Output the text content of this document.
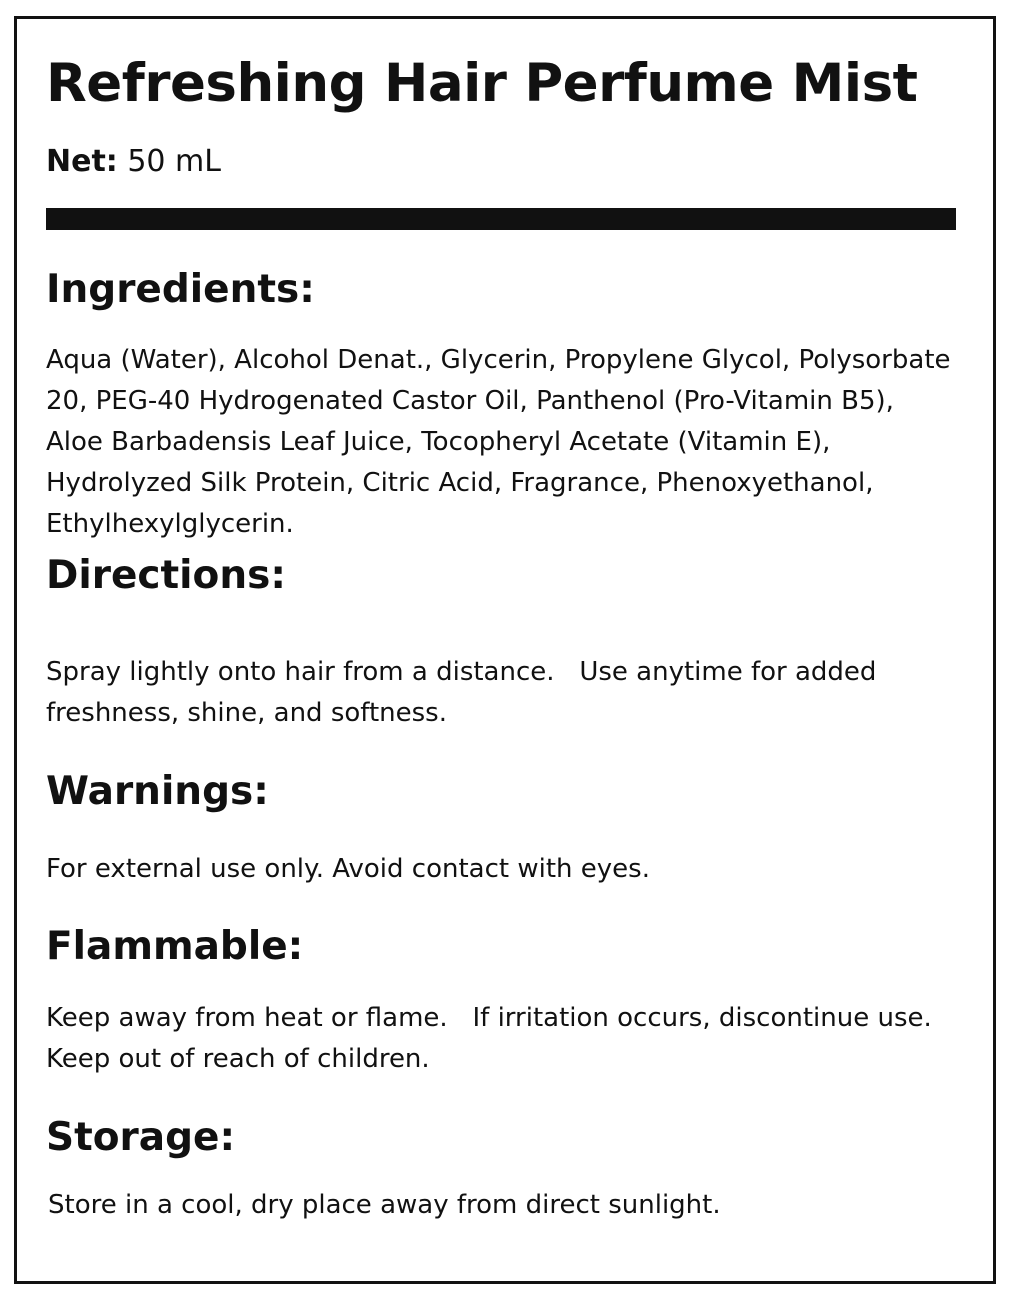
Refreshing Hair Perfume Mist
Net: 50 mL
Ingredients:

Aqua (Water), Alcohol Denat., Glycerin, Propylene Glycol, Polysorbate 20, PEG-40 Hydrogenated Castor Oil, Panthenol (Pro-Vitamin B5), Aloe Barbadensis Leaf Juice, Tocopheryl Acetate (Vitamin E), Hydrolyzed Silk Protein, Citric Acid, Fragrance, Phenoxyethanol, Ethylhexylglycerin.

Directions:

Spray lightly onto hair from a distance.   Use anytime for added freshness, shine, and softness.

Warnings:

For external use only. Avoid contact with eyes.

Flammable:

Keep away from heat or flame.   If irritation occurs, discontinue use.   Keep out of reach of children.

Storage:

Store in a cool, dry place away from direct sunlight.
